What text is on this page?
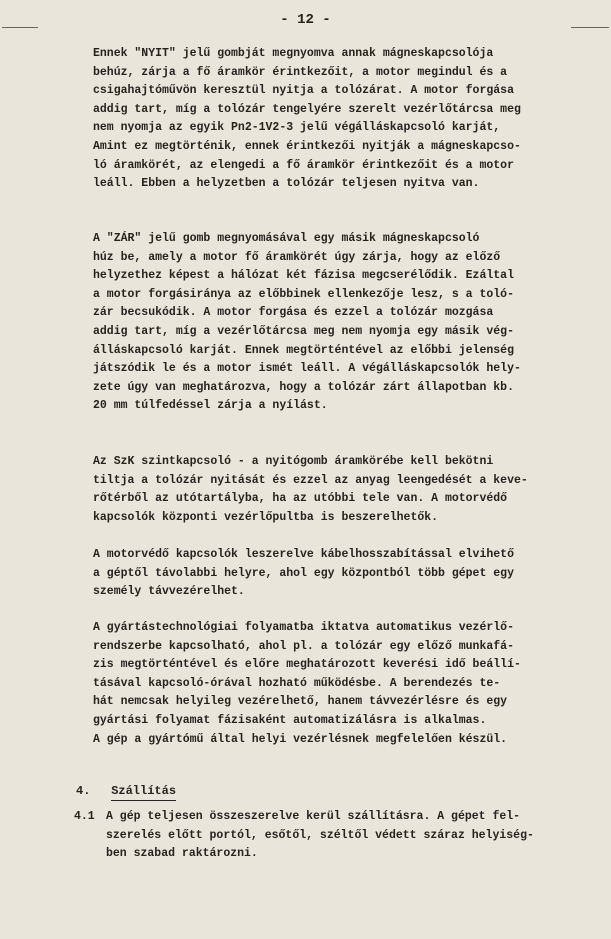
- 12 -

Ennek "NYIT" jelű gombját megnyomva annak mágneskapcsolója
behúz, zárja a fő áramkör érintkezőit, a motor megindul és a
csigahajtóművön keresztül nyitja a tolózárat. A motor forgása
addig tart, míg a tolózár tengelyére szerelt vezérlőtárcsa meg
nem nyomja az egyik Pn2-1V2-3 jelű végálláskapcsoló karját,
Amint ez megtörténik, ennek érintkezői nyitják a mágneskapcso-
ló áramkörét, az elengedi a fő áramkör érintkezőit és a motor
leáll. Ebben a helyzetben a tolózár teljesen nyitva van.

A "ZÁR" jelű gomb megnyomásával egy másik mágneskapcsoló
húz be, amely a motor fő áramkörét úgy zárja, hogy az előző
helyzethez képest a hálózat két fázisa megcserélődik. Ezáltal
a motor forgásiránya az előbbinek ellenkezője lesz, s a toló-
zár becsukódik. A motor forgása és ezzel a tolózár mozgása
addig tart, míg a vezérlőtárcsa meg nem nyomja egy másik vég-
álláskapcsoló karját. Ennek megtörténtével az előbbi jelenség
játszódik le és a motor ismét leáll. A végálláskapcsolók hely-
zete úgy van meghatározva, hogy a tolózár zárt állapotban kb.
20 mm túlfedéssel zárja a nyílást.

Az SzK szintkapcsoló - a nyitógomb áramkörébe kell bekötni
tiltja a tolózár nyitását és ezzel az anyag leengedését a keve-
rőtérből az utótartályba, ha az utóbbi tele van. A motorvédő
kapcsolók központi vezérlőpultba is beszerelhetők.

A motorvédő kapcsolók leszerelve kábelhosszabítással elvihető
a géptől távolabbi helyre, ahol egy központból több gépet egy
személy távvezérelhet.

A gyártástechnológiai folyamatba iktatva automatikus vezérlő-
rendszerbe kapcsolható, ahol pl. a tolózár egy előző munkafá-
zis megtörténtével és előre meghatározott keverési idő beállí-
tásával kapcsoló-órával hozható működésbe. A berendezés te-
hát nemcsak helyileg vezérelhető, hanem távvezérlésre és egy
gyártási folyamat fázisaként automatizálásra is alkalmas.
A gép a gyártómű által helyi vezérlésnek megfelelően készül.

4. Szállítás
4.1 A gép teljesen összeszerelve kerül szállításra. A gépet fel-
szerelés előtt portól, esőtől, széltől védett száraz helyiség-
ben szabad raktározni.
